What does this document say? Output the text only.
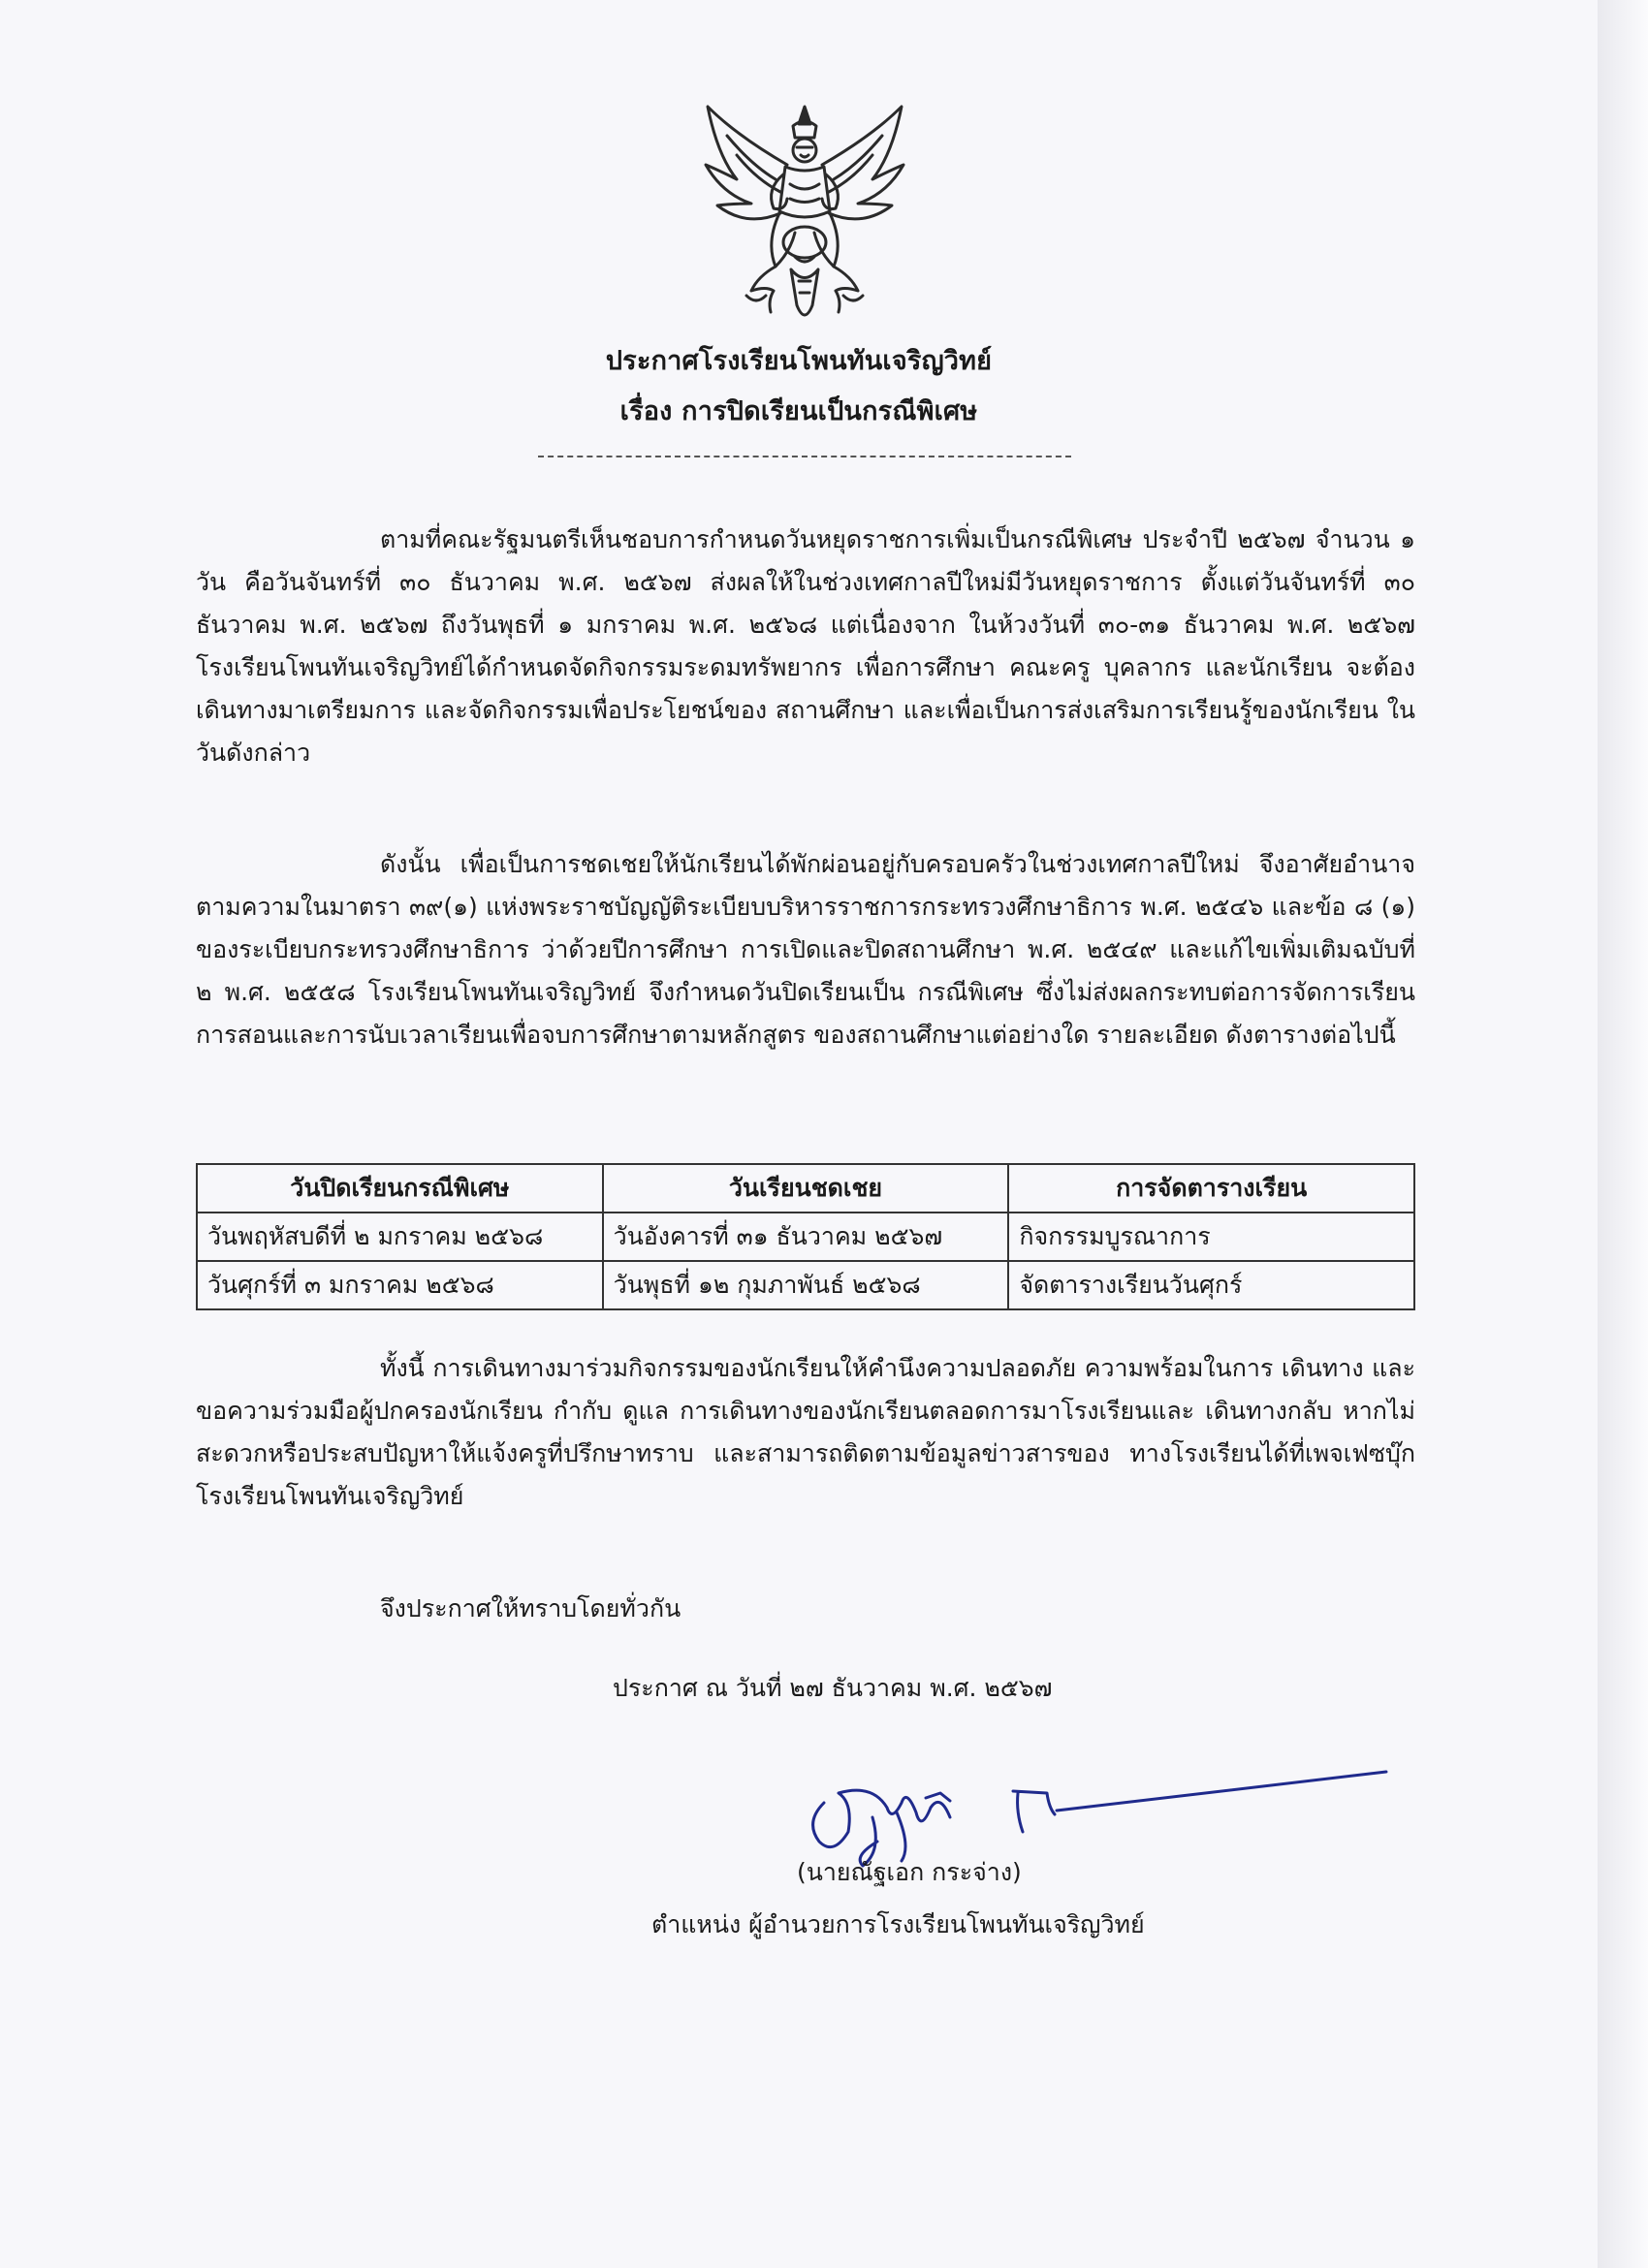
ประกาศโรงเรียนโพนทันเจริญวิทย์
เรื่อง การปิดเรียนเป็นกรณีพิเศษ

ตามที่คณะรัฐมนตรีเห็นชอบการกำหนดวันหยุดราชการเพิ่มเป็นกรณีพิเศษ ประจำปี ๒๕๖๗ จำนวน ๑ วัน คือวันจันทร์ที่ ๓๐ ธันวาคม พ.ศ. ๒๕๖๗ ส่งผลให้ในช่วงเทศกาลปีใหม่มีวันหยุดราชการ ตั้งแต่วันจันทร์ที่ ๓๐ ธันวาคม พ.ศ. ๒๕๖๗ ถึงวันพุธที่ ๑ มกราคม พ.ศ. ๒๕๖๘ แต่เนื่องจาก ในห้วงวันที่ ๓๐-๓๑ ธันวาคม พ.ศ. ๒๕๖๗ โรงเรียนโพนทันเจริญวิทย์ได้กำหนดจัดกิจกรรมระดมทรัพยากร เพื่อการศึกษา คณะครู บุคลากร และนักเรียน จะต้องเดินทางมาเตรียมการ และจัดกิจกรรมเพื่อประโยชน์ของ สถานศึกษา และเพื่อเป็นการส่งเสริมการเรียนรู้ของนักเรียน ในวันดังกล่าว

ดังนั้น เพื่อเป็นการชดเชยให้นักเรียนได้พักผ่อนอยู่กับครอบครัวในช่วงเทศกาลปีใหม่ จึงอาศัยอำนาจตามความในมาตรา ๓๙(๑) แห่งพระราชบัญญัติระเบียบบริหารราชการกระทรวงศึกษาธิการ พ.ศ. ๒๕๔๖ และข้อ ๘ (๑) ของระเบียบกระทรวงศึกษาธิการ ว่าด้วยปีการศึกษา การเปิดและปิดสถานศึกษา พ.ศ. ๒๕๔๙ และแก้ไขเพิ่มเติมฉบับที่ ๒ พ.ศ. ๒๕๕๘ โรงเรียนโพนทันเจริญวิทย์ จึงกำหนดวันปิดเรียนเป็น กรณีพิเศษ ซึ่งไม่ส่งผลกระทบต่อการจัดการเรียนการสอนและการนับเวลาเรียนเพื่อจบการศึกษาตามหลักสูตร ของสถานศึกษาแต่อย่างใด รายละเอียด ดังตารางต่อไปนี้

วันปิดเรียนกรณีพิเศษ	วันเรียนชดเชย	การจัดตารางเรียน
วันพฤหัสบดีที่ ๒ มกราคม ๒๕๖๘	วันอังคารที่ ๓๑ ธันวาคม ๒๕๖๗	กิจกรรมบูรณาการ
วันศุกร์ที่ ๓ มกราคม ๒๕๖๘	วันพุธที่ ๑๒ กุมภาพันธ์ ๒๕๖๘	จัดตารางเรียนวันศุกร์

ทั้งนี้ การเดินทางมาร่วมกิจกรรมของนักเรียนให้คำนึงความปลอดภัย ความพร้อมในการ เดินทาง และขอความร่วมมือผู้ปกครองนักเรียน กำกับ ดูแล การเดินทางของนักเรียนตลอดการมาโรงเรียนและ เดินทางกลับ หากไม่สะดวกหรือประสบปัญหาให้แจ้งครูที่ปรึกษาทราบ และสามารถติดตามข้อมูลข่าวสารของ ทางโรงเรียนได้ที่เพจเฟซบุ๊กโรงเรียนโพนทันเจริญวิทย์

จึงประกาศให้ทราบโดยทั่วกัน
ประกาศ ณ วันที่ ๒๗ ธันวาคม พ.ศ. ๒๕๖๗
(นายณัฐเอก กระจ่าง)
ตำแหน่ง ผู้อำนวยการโรงเรียนโพนทันเจริญวิทย์
